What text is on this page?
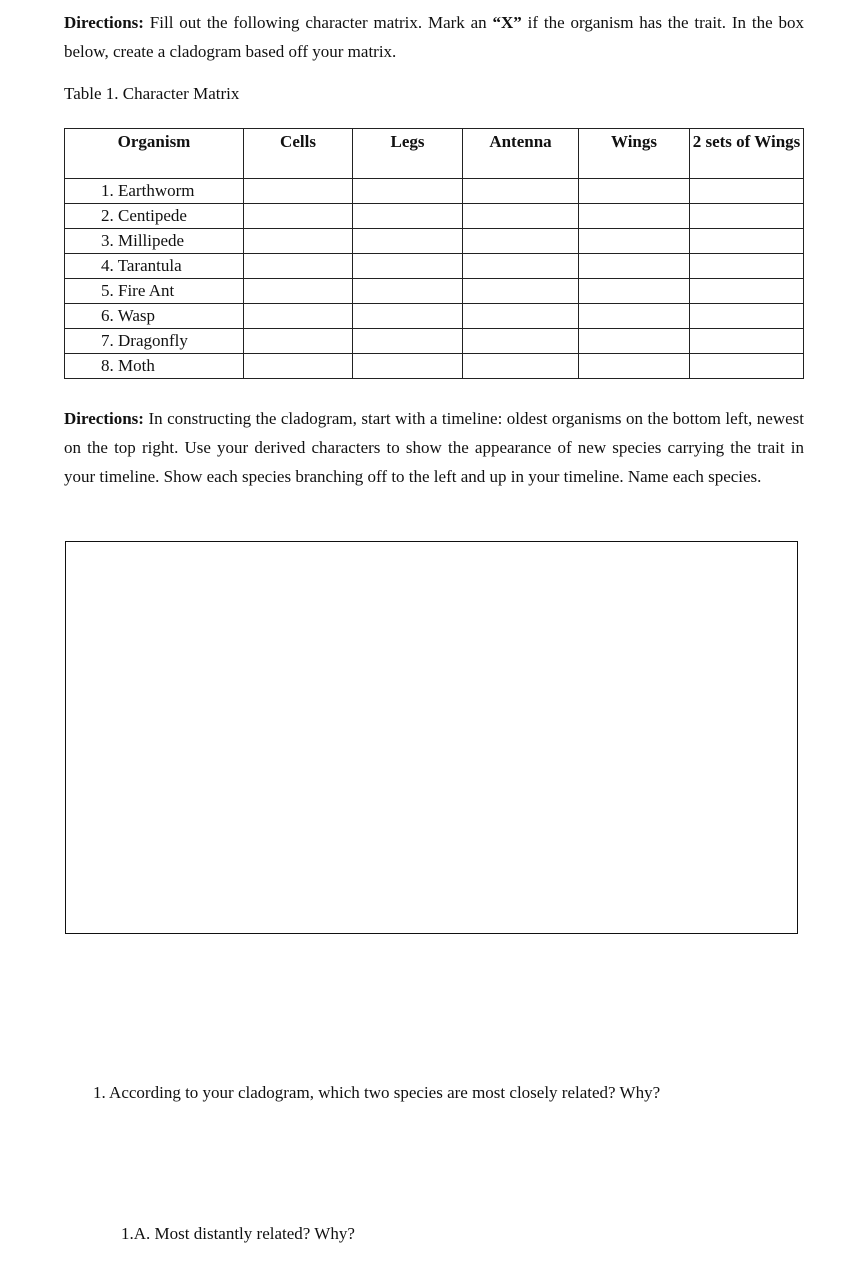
Directions: Fill out the following character matrix. Mark an “X” if the organism has the trait. In the box below, create a cladogram based off your matrix.

Table 1. Character Matrix

Organism	Cells	Legs	Antenna	Wings	2 sets of Wings
1. Earthworm					
2. Centipede					
3. Millipede					
4. Tarantula					
5. Fire Ant					
6. Wasp					
7. Dragonfly					
8. Moth					

Directions: In constructing the cladogram, start with a timeline: oldest organisms on the bottom left, newest on the top right. Use your derived characters to show the appearance of new species carrying the trait in your timeline. Show each species branching off to the left and up in your timeline. Name each species.

1. According to your cladogram, which two species are most closely related? Why?

1.A. Most distantly related? Why?
